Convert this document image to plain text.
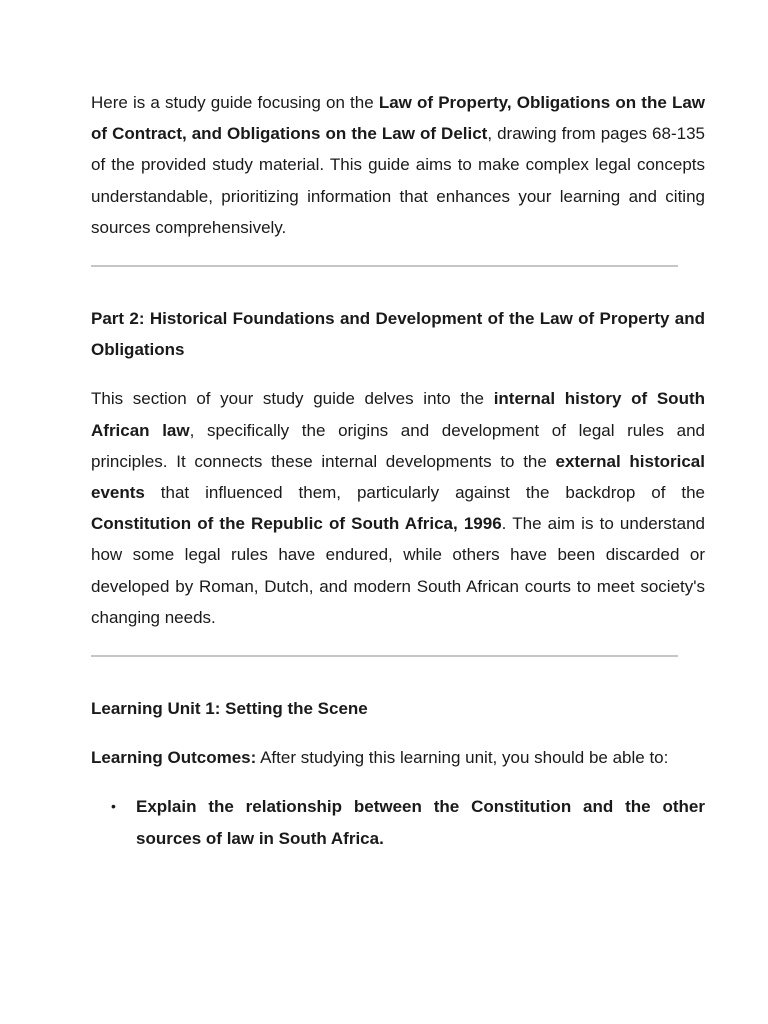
Here is a study guide focusing on the Law of Property, Obligations on the Law of Contract, and Obligations on the Law of Delict, drawing from pages 68-135 of the provided study material. This guide aims to make complex legal concepts understandable, prioritizing information that enhances your learning and citing sources comprehensively.

Part 2: Historical Foundations and Development of the Law of Property and Obligations

This section of your study guide delves into the internal history of South African law, specifically the origins and development of legal rules and principles. It connects these internal developments to the external historical events that influenced them, particularly against the backdrop of the Constitution of the Republic of South Africa, 1996. The aim is to understand how some legal rules have endured, while others have been discarded or developed by Roman, Dutch, and modern South African courts to meet society's changing needs.

Learning Unit 1: Setting the Scene

Learning Outcomes: After studying this learning unit, you should be able to:

• Explain the relationship between the Constitution and the other sources of law in South Africa.
